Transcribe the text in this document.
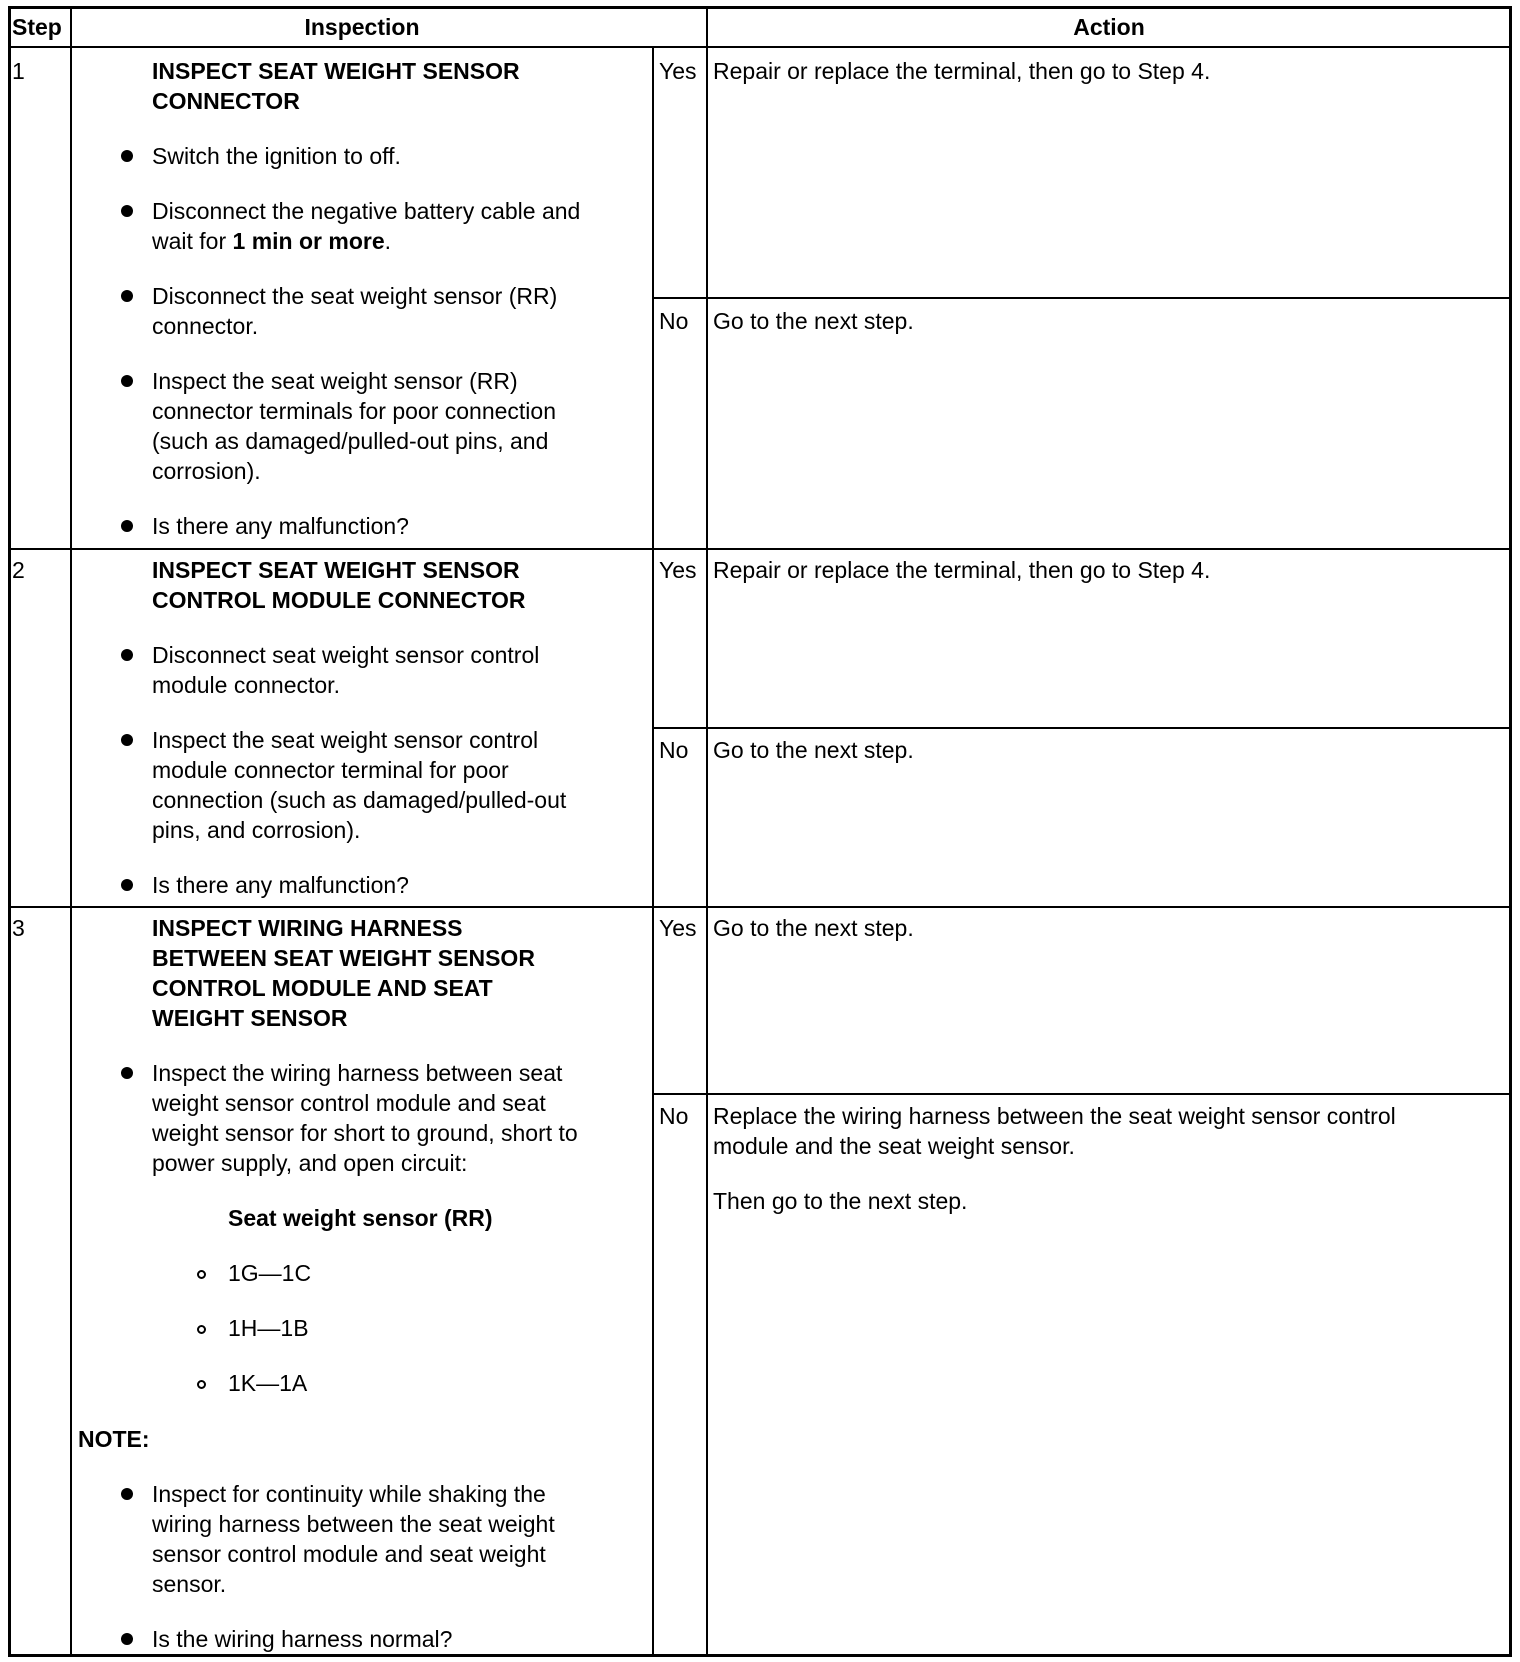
Step	Inspection	Action
1	INSPECT SEAT WEIGHT SENSOR
CONNECTOR
Switch the ignition to off.
Disconnect the negative battery cable and
wait for 1 min or more.
Disconnect the seat weight sensor (RR)
connector.
Inspect the seat weight sensor (RR)
connector terminals for poor connection
(such as damaged/pulled-out pins, and
corrosion).
Is there any malfunction?
Yes Repair or replace the terminal, then go to Step 4.
No Go to the next step.
2	INSPECT SEAT WEIGHT SENSOR
CONTROL MODULE CONNECTOR
Disconnect seat weight sensor control
module connector.
Inspect the seat weight sensor control
module connector terminal for poor
connection (such as damaged/pulled-out
pins, and corrosion).
Is there any malfunction?
Yes Repair or replace the terminal, then go to Step 4.
No Go to the next step.
3	INSPECT WIRING HARNESS
BETWEEN SEAT WEIGHT SENSOR
CONTROL MODULE AND SEAT
WEIGHT SENSOR
Inspect the wiring harness between seat
weight sensor control module and seat
weight sensor for short to ground, short to
power supply, and open circuit:
Seat weight sensor (RR)
1G—1C
1H—1B
1K—1A
NOTE:
Inspect for continuity while shaking the
wiring harness between the seat weight
sensor control module and seat weight
sensor.
Is the wiring harness normal?
Yes Go to the next step.
No Replace the wiring harness between the seat weight sensor control
module and the seat weight sensor.
Then go to the next step.
